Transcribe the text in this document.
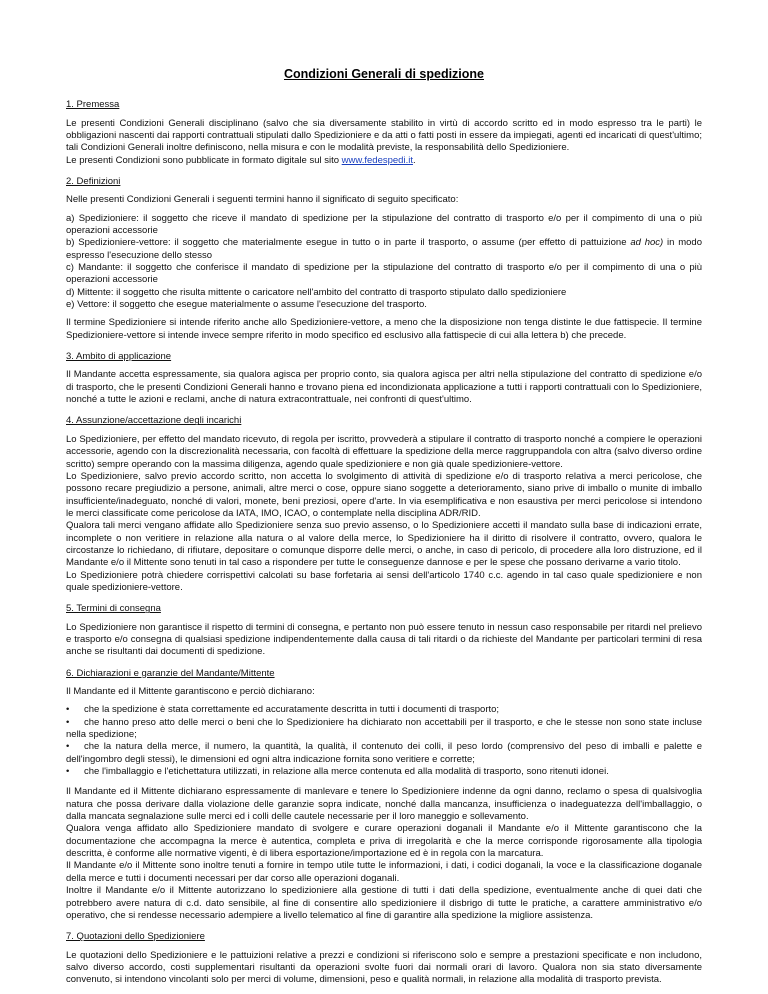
Condizioni Generali di spedizione
1. Premessa
Le presenti Condizioni Generali disciplinano (salvo che sia diversamente stabilito in virtù di accordo scritto ed in modo espresso tra le parti) le obbligazioni nascenti dai rapporti contrattuali stipulati dallo Spedizioniere e da atti o fatti posti in essere da impiegati, agenti ed incaricati di quest'ultimo; tali Condizioni Generali inoltre definiscono, nella misura e con le modalità previste, la responsabilità dello Spedizioniere.
Le presenti Condizioni sono pubblicate in formato digitale sul sito www.fedespedi.it.
2. Definizioni
Nelle presenti Condizioni Generali i seguenti termini hanno il significato di seguito specificato:
a) Spedizioniere: il soggetto che riceve il mandato di spedizione per la stipulazione del contratto di trasporto e/o per il compimento di una o più operazioni accessorie
b) Spedizioniere-vettore: il soggetto che materialmente esegue in tutto o in parte il trasporto, o assume (per effetto di pattuizione ad hoc) in modo espresso l'esecuzione dello stesso
c) Mandante: il soggetto che conferisce il mandato di spedizione per la stipulazione del contratto di trasporto e/o per il compimento di una o più operazioni accessorie
d) Mittente: il soggetto che risulta mittente o caricatore nell'ambito del contratto di trasporto stipulato dallo spedizioniere
e) Vettore: il soggetto che esegue materialmente o assume l'esecuzione del trasporto.
Il termine Spedizioniere si intende riferito anche allo Spedizioniere-vettore, a meno che la disposizione non tenga distinte le due fattispecie. Il termine Spedizioniere-vettore si intende invece sempre riferito in modo specifico ed esclusivo alla fattispecie di cui alla lettera b) che precede.
3. Ambito di applicazione
Il Mandante accetta espressamente, sia qualora agisca per proprio conto, sia qualora agisca per altri nella stipulazione del contratto di spedizione e/o di trasporto, che le presenti Condizioni Generali hanno e trovano piena ed incondizionata applicazione a tutti i rapporti contrattuali con lo Spedizioniere, nonché a tutte le azioni e reclami, anche di natura extracontrattuale, nei confronti di quest'ultimo.
4. Assunzione/accettazione degli incarichi
Lo Spedizioniere, per effetto del mandato ricevuto, di regola per iscritto, provvederà a stipulare il contratto di trasporto nonché a compiere le operazioni accessorie, agendo con la discrezionalità necessaria, con facoltà di effettuare la spedizione della merce raggruppandola con altra (salvo diverso ordine scritto) sempre operando con la massima diligenza, agendo quale spedizioniere e non già quale spedizioniere-vettore.
Lo Spedizioniere, salvo previo accordo scritto, non accetta lo svolgimento di attività di spedizione e/o di trasporto relativa a merci pericolose, che possono recare pregiudizio a persone, animali, altre merci o cose, oppure siano soggette a deterioramento, siano prive di imballo o munite di imballo insufficiente/inadeguato, nonché di valori, monete, beni preziosi, opere d'arte. In via esemplificativa e non esaustiva per merci pericolose si intendono le merci classificate come pericolose da IATA, IMO, ICAO, o contemplate nella disciplina ADR/RID.
Qualora tali merci vengano affidate allo Spedizioniere senza suo previo assenso, o lo Spedizioniere accetti il mandato sulla base di indicazioni errate, incomplete o non veritiere in relazione alla natura o al valore della merce, lo Spedizioniere ha il diritto di risolvere il contratto, ovvero, qualora le circostanze lo richiedano, di rifiutare, depositare o comunque disporre delle merci, o anche, in caso di pericolo, di procedere alla loro distruzione, ed il Mandante e/o il Mittente sono tenuti in tal caso a rispondere per tutte le conseguenze dannose e per le spese che possano derivarne a vario titolo.
Lo Spedizioniere potrà chiedere corrispettivi calcolati su base forfetaria ai sensi dell'articolo 1740 c.c. agendo in tal caso quale spedizioniere e non quale spedizioniere-vettore.
5. Termini di consegna
Lo Spedizioniere non garantisce il rispetto di termini di consegna, e pertanto non può essere tenuto in nessun caso responsabile per ritardi nel prelievo e trasporto e/o consegna di qualsiasi spedizione indipendentemente dalla causa di tali ritardi o da richieste del Mandante per particolari termini di resa anche se risultanti dai documenti di spedizione.
6. Dichiarazioni e garanzie del Mandante/Mittente
Il Mandante ed il Mittente garantiscono e perciò dichiarano:
• che la spedizione è stata correttamente ed accuratamente descritta in tutti i documenti di trasporto;
• che hanno preso atto delle merci o beni che lo Spedizioniere ha dichiarato non accettabili per il trasporto, e che le stesse non sono state incluse nella spedizione;
• che la natura della merce, il numero, la quantità, la qualità, il contenuto dei colli, il peso lordo (comprensivo del peso di imballi e palette e dell'ingombro degli stessi), le dimensioni ed ogni altra indicazione fornita sono veritiere e corrette;
• che l'imballaggio e l'etichettatura utilizzati, in relazione alla merce contenuta ed alla modalità di trasporto, sono ritenuti idonei.
Il Mandante ed il Mittente dichiarano espressamente di manlevare e tenere lo Spedizioniere indenne da ogni danno, reclamo o spesa di qualsivoglia natura che possa derivare dalla violazione delle garanzie sopra indicate, nonché dalla mancanza, insufficienza o inadeguatezza dell'imballaggio, o dalla mancata segnalazione sulle merci ed i colli delle cautele necessarie per il loro maneggio e sollevamento.
Qualora venga affidato allo Spedizioniere mandato di svolgere e curare operazioni doganali il Mandante e/o il Mittente garantiscono che la documentazione che accompagna la merce è autentica, completa e priva di irregolarità e che la merce corrisponde rigorosamente alla tipologia descritta, è conforme alle normative vigenti, è di libera esportazione/importazione ed è in regola con la marcatura.
Il Mandante e/o il Mittente sono inoltre tenuti a fornire in tempo utile tutte le informazioni, i dati, i codici doganali, la voce e la classificazione doganale della merce e tutti i documenti necessari per dar corso alle operazioni doganali.
Inoltre il Mandante e/o il Mittente autorizzano lo spedizioniere alla gestione di tutti i dati della spedizione, eventualmente anche di quei dati che potrebbero avere natura di c.d. dato sensibile, al fine di consentire allo spedizioniere il disbrigo di tutte le pratiche, a carattere amministrativo e/o operativo, che si rendesse necessario adempiere a livello telematico al fine di garantire alla spedizione la migliore assistenza.
7. Quotazioni dello Spedizioniere
Le quotazioni dello Spedizioniere e le pattuizioni relative a prezzi e condizioni si riferiscono solo e sempre a prestazioni specificate e non includono, salvo diverso accordo, costi supplementari risultanti da operazioni svolte fuori dai normali orari di lavoro. Qualora non sia stato diversamente convenuto, si intendono vincolanti solo per merci di volume, dimensioni, peso e qualità normali, in relazione alla modalità di trasporto prevista.
